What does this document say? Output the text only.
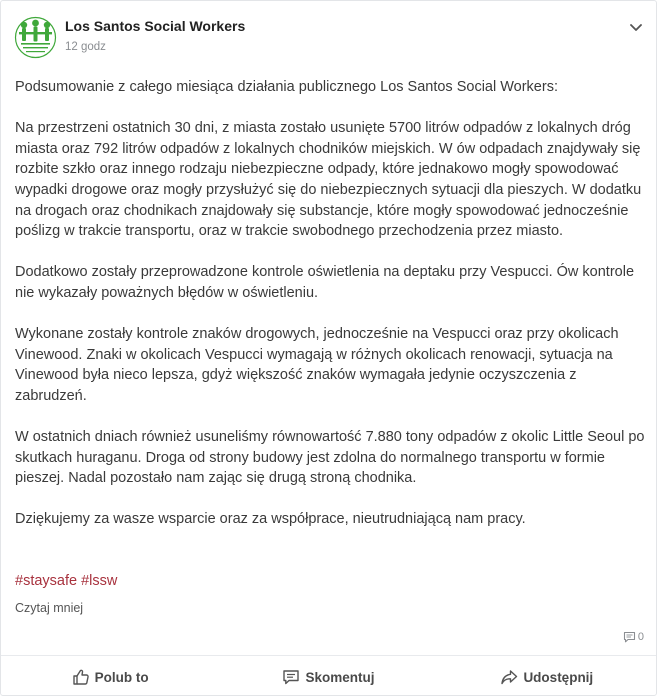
Los Santos Social Workers
12 godz

Podsumowanie z całego miesiąca działania publicznego Los Santos Social Workers:

Na przestrzeni ostatnich 30 dni, z miasta zostało usunięte 5700 litrów odpadów z lokalnych dróg miasta oraz 792 litrów odpadów z lokalnych chodników miejskich. W ów odpadach znajdywały się rozbite szkło oraz innego rodzaju niebezpieczne odpady, które jednakowo mogły spowodować wypadki drogowe oraz mogły przysłużyć się do niebezpiecznych sytuacji dla pieszych. W dodatku na drogach oraz chodnikach znajdowały się substancje, które mogły spowodować jednocześnie poślizg w trakcie transportu, oraz w trakcie swobodnego przechodzenia przez miasto.

Dodatkowo zostały przeprowadzone kontrole oświetlenia na deptaku przy Vespucci. Ów kontrole nie wykazały poważnych błędów w oświetleniu.

Wykonane zostały kontrole znaków drogowych, jednocześnie na Vespucci oraz przy okolicach Vinewood. Znaki w okolicach Vespucci wymagają w różnych okolicach renowacji, sytuacja na Vinewood była nieco lepsza, gdyż większość znaków wymagała jedynie oczyszczenia z zabrudzeń.

W ostatnich dniach również usuneliśmy równowartość 7.880 tony odpadów z okolic Little Seoul po skutkach huraganu. Droga od strony budowy jest zdolna do normalnego transportu w formie pieszej. Nadal pozostało nam zając się drugą stroną chodnika.

Dziękujemy za wasze wsparcie oraz za współprace, nieutrudniającą nam pracy.

#staysafe #lssw
Czytaj mniej
0
Polub to	Skomentuj	Udostępnij
